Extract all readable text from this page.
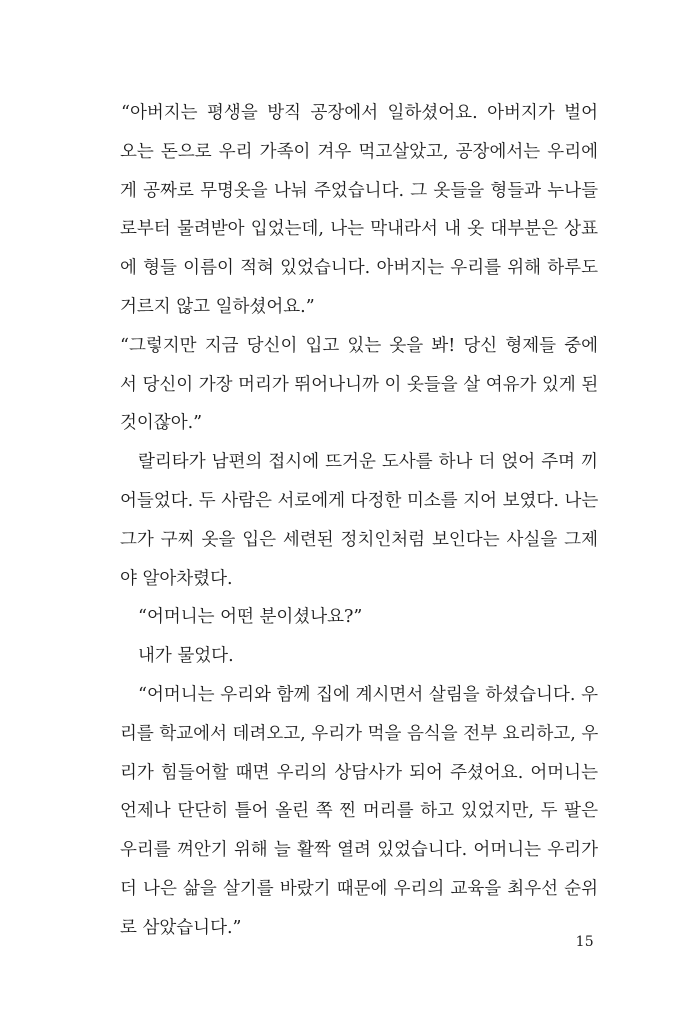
“아버지는 평생을 방직 공장에서 일하셨어요. 아버지가 벌어
오는 돈으로 우리 가족이 겨우 먹고살았고, 공장에서는 우리에
게 공짜로 무명옷을 나눠 주었습니다. 그 옷들을 형들과 누나들
로부터 물려받아 입었는데, 나는 막내라서 내 옷 대부분은 상표
에 형들 이름이 적혀 있었습니다. 아버지는 우리를 위해 하루도
거르지 않고 일하셨어요.”
“그렇지만 지금 당신이 입고 있는 옷을 봐! 당신 형제들 중에
서 당신이 가장 머리가 뛰어나니까 이 옷들을 살 여유가 있게 된
것이잖아.”
랄리타가 남편의 접시에 뜨거운 도사를 하나 더 얹어 주며 끼
어들었다. 두 사람은 서로에게 다정한 미소를 지어 보였다. 나는
그가 구찌 옷을 입은 세련된 정치인처럼 보인다는 사실을 그제
야 알아차렸다.
“어머니는 어떤 분이셨나요?”
내가 물었다.
“어머니는 우리와 함께 집에 계시면서 살림을 하셨습니다. 우
리를 학교에서 데려오고, 우리가 먹을 음식을 전부 요리하고, 우
리가 힘들어할 때면 우리의 상담사가 되어 주셨어요. 어머니는
언제나 단단히 틀어 올린 쪽 찐 머리를 하고 있었지만, 두 팔은
우리를 껴안기 위해 늘 활짝 열려 있었습니다. 어머니는 우리가
더 나은 삶을 살기를 바랐기 때문에 우리의 교육을 최우선 순위
로 삼았습니다.”
15
